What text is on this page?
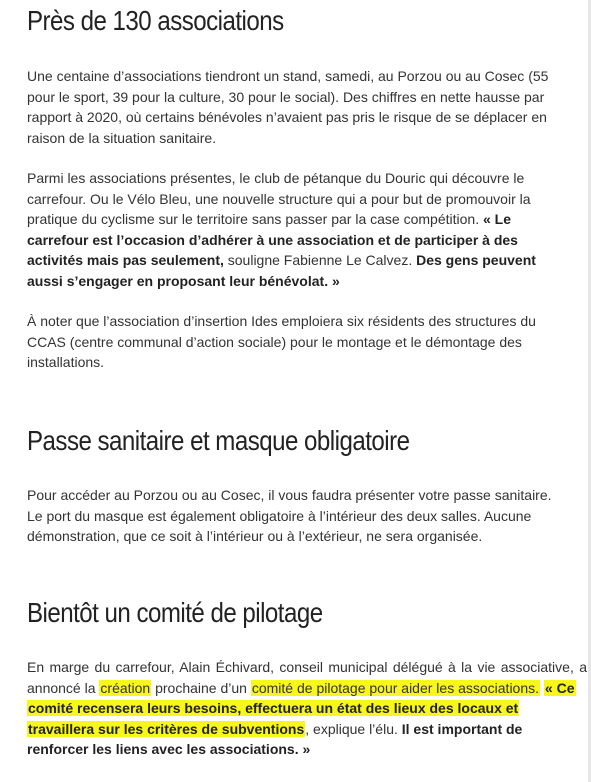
Près de 130 associations

Une centaine d’associations tiendront un stand, samedi, au Porzou ou au Cosec (55
pour le sport, 39 pour la culture, 30 pour le social). Des chiffres en nette hausse par
rapport à 2020, où certains bénévoles n’avaient pas pris le risque de se déplacer en
raison de la situation sanitaire.

Parmi les associations présentes, le club de pétanque du Douric qui découvre le
carrefour. Ou le Vélo Bleu, une nouvelle structure qui a pour but de promouvoir la
pratique du cyclisme sur le territoire sans passer par la case compétition. « Le
carrefour est l’occasion d’adhérer à une association et de participer à des
activités mais pas seulement, souligne Fabienne Le Calvez. Des gens peuvent
aussi s’engager en proposant leur bénévolat. »

À noter que l’association d’insertion Ides emploiera six résidents des structures du
CCAS (centre communal d’action sociale) pour le montage et le démontage des
installations.

Passe sanitaire et masque obligatoire

Pour accéder au Porzou ou au Cosec, il vous faudra présenter votre passe sanitaire.
Le port du masque est également obligatoire à l’intérieur des deux salles. Aucune
démonstration, que ce soit à l’intérieur ou à l’extérieur, ne sera organisée.

Bientôt un comité de pilotage

En marge du carrefour, Alain Échivard, conseil municipal délégué à la vie associative, a
annoncé la création prochaine d’un comité de pilotage pour aider les associations. « Ce
comité recensera leurs besoins, effectuera un état des lieux des locaux et
travaillera sur les critères de subventions, explique l’élu. Il est important de
renforcer les liens avec les associations. »
